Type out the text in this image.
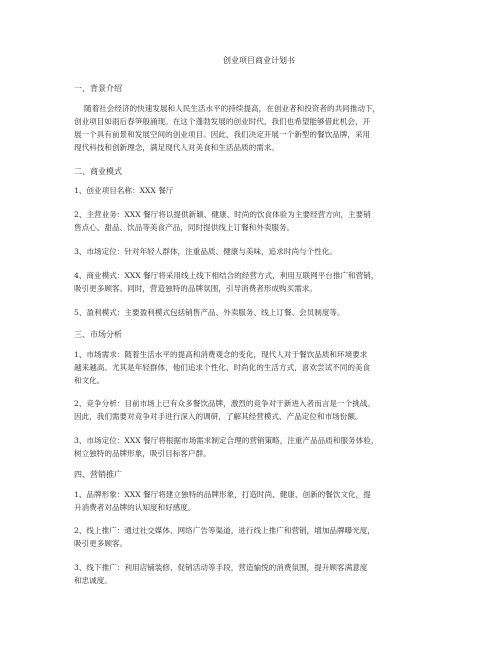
创业项目商业计划书
一、背景介绍
随着社会经济的快速发展和人民生活水平的持续提高，在创业者和投资者的共同推动下，
创业项目如雨后春笋般涌现。在这个蓬勃发展的创业时代，我们也希望能够借此机会，开
展一个具有前景和发展空间的创业项目。因此，我们决定开展一个新型的餐饮品牌，采用
现代科技和创新理念，满足现代人对美食和生活品质的需求。
二、商业模式
1、创业项目名称：XXX 餐厅
2、主营业务：XXX 餐厅将以提供新颖、健康、时尚的饮食体验为主要经营方向，主要销
售点心、甜品、饮品等美食产品，同时提供线上订餐和外卖服务。
3、市场定位：针对年轻人群体，注重品质、健康与美味，追求时尚与个性化。
4、商业模式：XXX 餐厅将采用线上线下相结合的经营方式，利用互联网平台推广和营销，
吸引更多顾客。同时，营造独特的品牌氛围，引导消费者形成购买需求。
5、盈利模式：主要盈利模式包括销售产品、外卖服务、线上订餐、会员制度等。
三、市场分析
1、市场需求：随着生活水平的提高和消费观念的变化，现代人对于餐饮品质和环境要求
越来越高。尤其是年轻群体，他们追求个性化、时尚化的生活方式，喜欢尝试不同的美食
和文化。
2、竞争分析：目前市场上已有众多餐饮品牌，激烈的竞争对于新进入者而言是一个挑战。
因此，我们需要对竞争对手进行深入的调研，了解其经营模式、产品定位和市场份额。
3、市场定位：XXX 餐厅将根据市场需求制定合理的营销策略，注重产品品质和服务体验，
树立独特的品牌形象，吸引目标客户群。
四、营销推广
1、品牌形象：XXX 餐厅将建立独特的品牌形象，打造时尚、健康、创新的餐饮文化，提
升消费者对品牌的认知度和好感度。
2、线上推广：通过社交媒体、网络广告等渠道，进行线上推广和营销，增加品牌曝光度，
吸引更多顾客。
3、线下推广：利用店铺装修、促销活动等手段，营造愉悦的消费氛围，提升顾客满意度
和忠诚度。
